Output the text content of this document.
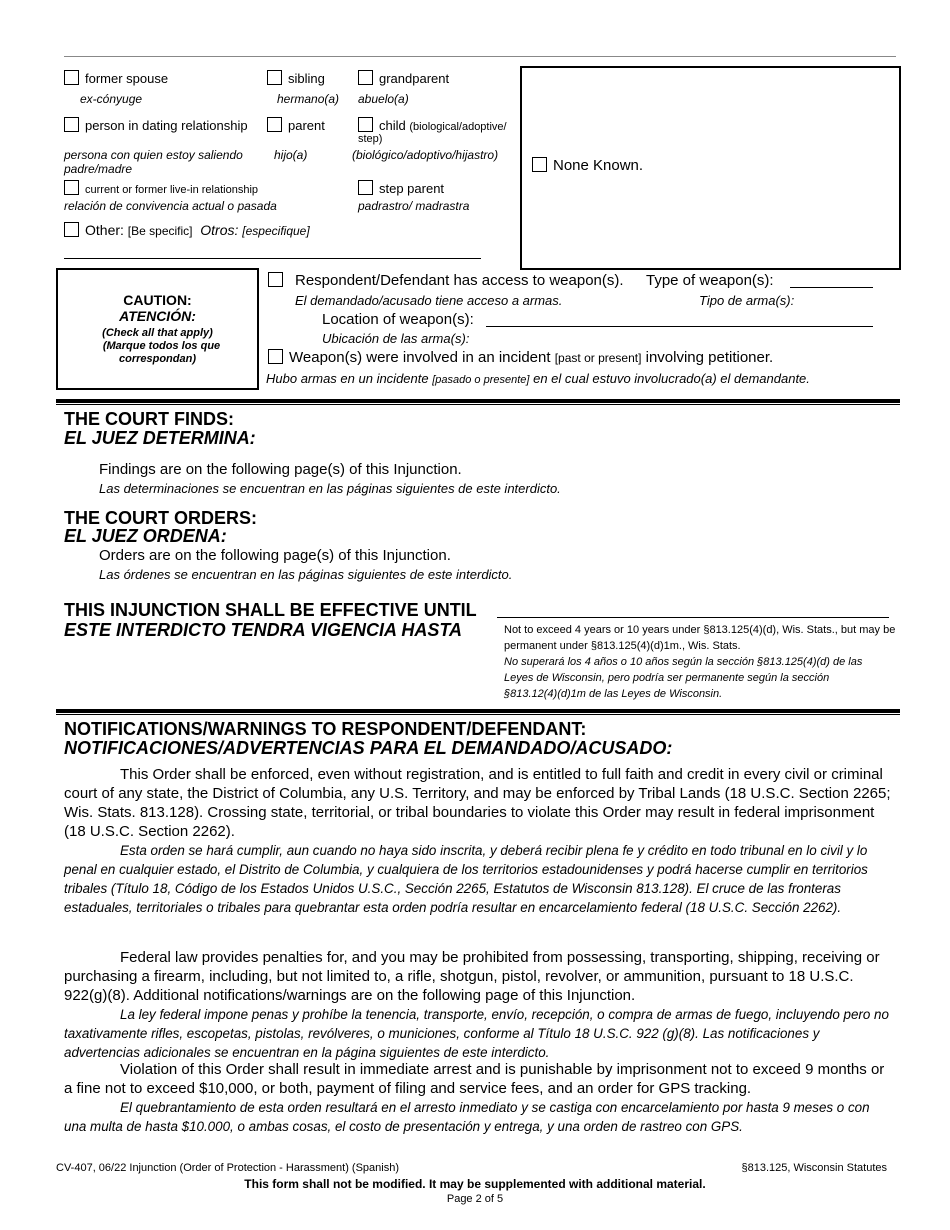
former spouse
ex-cónyuge
sibling
hermano(a)
grandparent
abuelo(a)
person in dating relationship
persona con quien estoy saliendo
parent
padre/madre
child (biological/adoptive/
step)
hijo(a)	(biológico/adoptivo/hijastro)
current or former live-in relationship
relación de convivencia actual o pasada
step parent
padrastro/ madrastra
Other: [Be specific] Otros: [especifique]
None Known.
CAUTION:
ATENCIÓN:
(Check all that apply)
(Marque todos los que
correspondan)
Respondent/Defendant has access to weapon(s). Type of weapon(s):
El demandado/acusado tiene acceso a armas.	Tipo de arma(s):
Location of weapon(s):
Ubicación de las arma(s):
Weapon(s) were involved in an incident [past or present] involving petitioner.
Hubo armas en un incidente [pasado o presente] en el cual estuvo involucrado(a) el demandante.
THE COURT FINDS:
EL JUEZ DETERMINA:
Findings are on the following page(s) of this Injunction.
Las determinaciones se encuentran en las páginas siguientes de este interdicto.
THE COURT ORDERS:
EL JUEZ ORDENA:
Orders are on the following page(s) of this Injunction.
Las órdenes se encuentran en las páginas siguientes de este interdicto.
THIS INJUNCTION SHALL BE EFFECTIVE UNTIL
ESTE INTERDICTO TENDRA VIGENCIA HASTA	Not to exceed 4 years or 10 years under §813.125(4)(d), Wis. Stats., but may be
permanent under §813.125(4)(d)1m., Wis. Stats.
No superará los 4 años o 10 años según la sección §813.125(4)(d) de las
Leyes de Wisconsin, pero podría ser permanente según la sección
§813.12(4)(d)1m de las Leyes de Wisconsin.
NOTIFICATIONS/WARNINGS TO RESPONDENT/DEFENDANT:
NOTIFICACIONES/ADVERTENCIAS PARA EL DEMANDADO/ACUSADO:
This Order shall be enforced, even without registration, and is entitled to full faith and credit in every civil or criminal court of any state, the District of Columbia, any U.S. Territory, and may be enforced by Tribal Lands (18 U.S.C. Section 2265; Wis. Stats. 813.128). Crossing state, territorial, or tribal boundaries to violate this Order may result in federal imprisonment (18 U.S.C. Section 2262).
Esta orden se hará cumplir, aun cuando no haya sido inscrita, y deberá recibir plena fe y crédito en todo tribunal en lo civil y lo penal en cualquier estado, el Distrito de Columbia, y cualquiera de los territorios estadounidenses y podrá hacerse cumplir en territorios tribales (Título 18, Código de los Estados Unidos U.S.C., Sección 2265, Estatutos de Wisconsin 813.128). El cruce de las fronteras estaduales, territoriales o tribales para quebrantar esta orden podría resultar en encarcelamiento federal (18 U.S.C. Sección 2262).
Federal law provides penalties for, and you may be prohibited from possessing, transporting, shipping, receiving or purchasing a firearm, including, but not limited to, a rifle, shotgun, pistol, revolver, or ammunition, pursuant to 18 U.S.C. 922(g)(8). Additional notifications/warnings are on the following page of this Injunction.
La ley federal impone penas y prohíbe la tenencia, transporte, envío, recepción, o compra de armas de fuego, incluyendo pero no taxativamente rifles, escopetas, pistolas, revólveres, o municiones, conforme al Título 18 U.S.C. 922 (g)(8). Las notificaciones y advertencias adicionales se encuentran en la página siguientes de este interdicto.
Violation of this Order shall result in immediate arrest and is punishable by imprisonment not to exceed 9 months or a fine not to exceed $10,000, or both, payment of filing and service fees, and an order for GPS tracking.
El quebrantamiento de esta orden resultará en el arresto inmediato y se castiga con encarcelamiento por hasta 9 meses o con una multa de hasta $10.000, o ambas cosas, el costo de presentación y entrega, y una orden de rastreo con GPS.
CV-407, 06/22 Injunction (Order of Protection - Harassment) (Spanish)	§813.125, Wisconsin Statutes
This form shall not be modified. It may be supplemented with additional material.
Page 2 of 5
